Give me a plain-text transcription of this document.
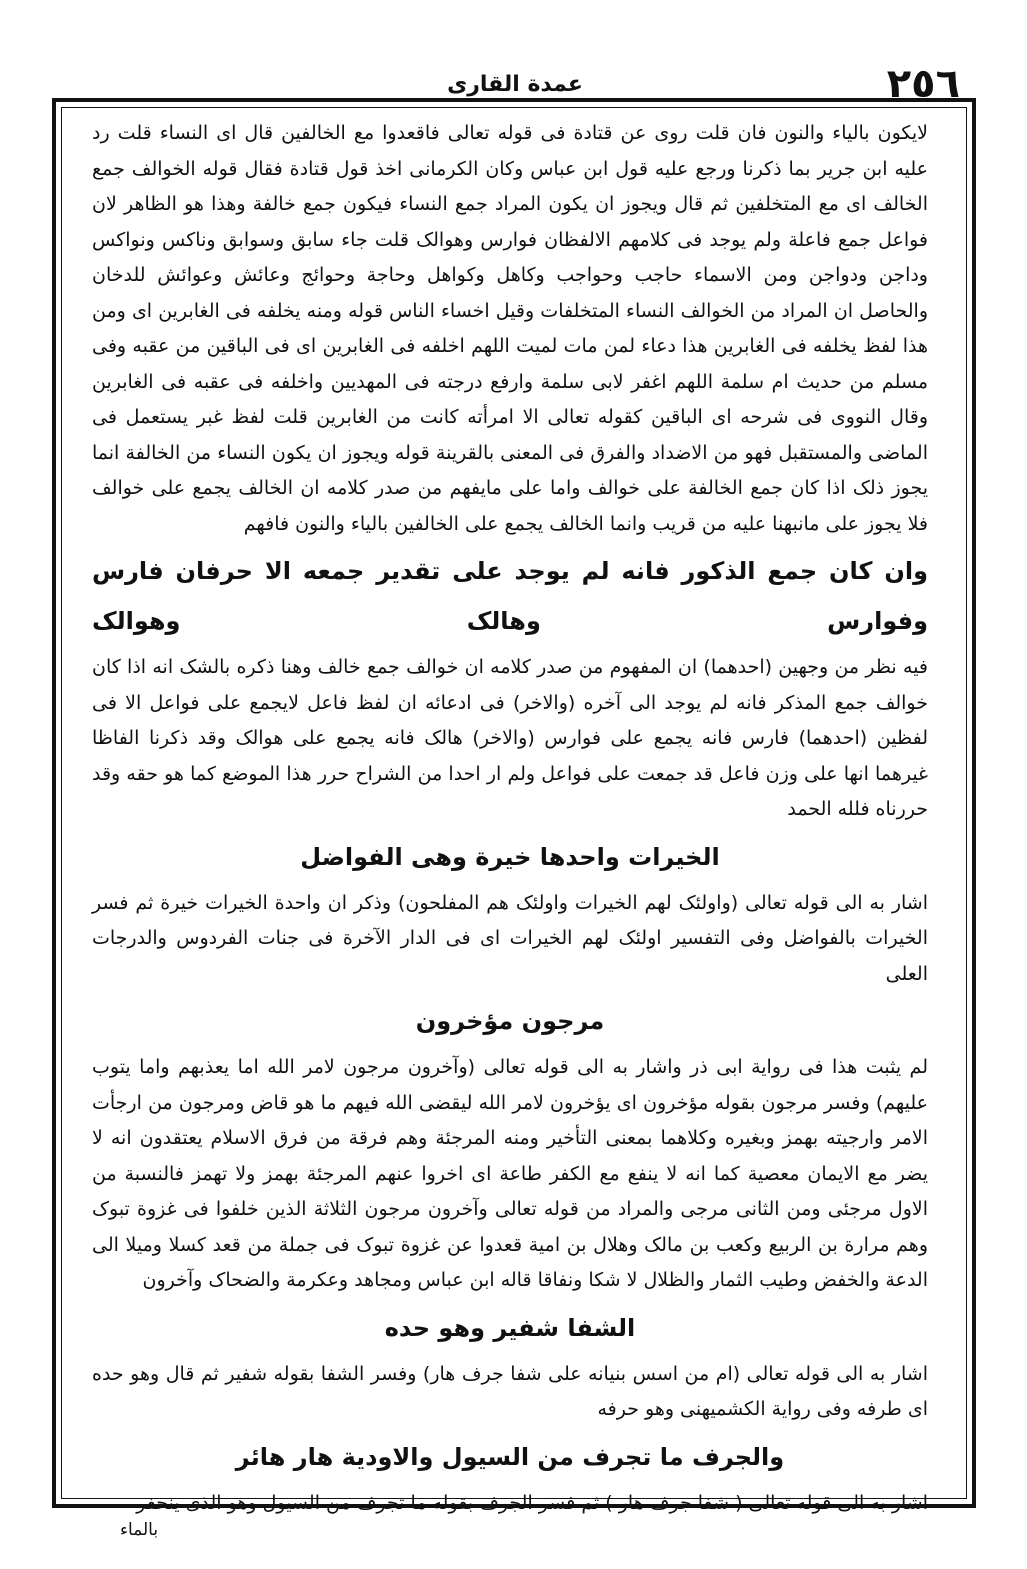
٢٥٦
عمدة القاری

لایکون بالیاء والنون فان قلت روی عن قتادة فی قوله تعالى فاقعدوا مع الخالفین قال ای النساء قلت رد علیه ابن جریر بما ذکرنا ورجع علیه قول ابن عباس وکان الکرمانی اخذ قول قتادة فقال قوله الخوالف جمع الخالف ای مع المتخلفین ثم قال ویجوز ان یکون المراد جمع النساء فیکون جمع خالفة وهذا هو الظاهر لان فواعل جمع فاعلة ولم یوجد فی کلامهم الالفظان فوارس وهوالک قلت جاء سابق وسوابق وناکس ونواکس وداجن ودواجن ومن الاسماء حاجب وحواجب وکاهل وکواهل وحاجة وحوائج وعائش وعوائش للدخان والحاصل ان المراد من الخوالف النساء المتخلفات وقیل اخساء الناس قوله ومنه یخلفه فی الغابرین ای ومن هذا لفظ یخلفه فی الغابرین هذا دعاء لمن مات لمیت اللهم اخلفه فی الغابرین ای فی الباقین من عقبه وفی مسلم من حدیث ام سلمة اللهم اغفر لابی سلمة وارفع درجته فی المهدیین واخلفه فی عقبه فی الغابرین وقال النووی فی شرحه ای الباقین کقوله تعالى الا امرأته کانت من الغابرین قلت لفظ غبر یستعمل فی الماضی والمستقبل فهو من الاضداد والفرق فی المعنى بالقرینة قوله ویجوز ان یکون النساء من الخالفة انما یجوز ذلک اذا کان جمع الخالفة علی خوالف واما علی مایفهم من صدر کلامه ان الخالف یجمع علی خوالف فلا یجوز علی مانبهنا علیه من قریب وانما الخالف یجمع علی الخالفین بالیاء والنون فافهم

وان کان جمع الذکور فانه لم یوجد علی تقدیر جمعه الا حرفان فارس وفوارس وهالک وهوالک

فیه نظر من وجهین (احدهما) ان المفهوم من صدر کلامه ان خوالف جمع خالف وهنا ذکره بالشک انه اذا کان خوالف جمع المذکر فانه لم یوجد الی آخره (والاخر) فی ادعائه ان لفظ فاعل لایجمع علی فواعل الا فی لفظین (احدهما) فارس فانه یجمع علی فوارس (والاخر) هالک فانه یجمع علی هوالک وقد ذکرنا الفاظا غیرهما انها علی وزن فاعل قد جمعت علی فواعل ولم ار احدا من الشراح حرر هذا الموضع کما هو حقه وقد حررناه فلله الحمد

الخیرات واحدها خیرة وهی الفواضل

اشار به الی قوله تعالى (واولئک لهم الخیرات واولئک هم المفلحون) وذکر ان واحدة الخیرات خیرة ثم فسر الخیرات بالفواضل وفی التفسیر اولئک لهم الخیرات ای فی الدار الآخرة فی جنات الفردوس والدرجات العلى

مرجون مؤخرون

لم یثبت هذا فی روایة ابی ذر واشار به الی قوله تعالى (وآخرون مرجون لامر الله اما یعذبهم واما یتوب علیهم) وفسر مرجون بقوله مؤخرون ای یؤخرون لامر الله لیقضی الله فیهم ما هو قاض ومرجون من ارجأت الامر وارجیته بهمز وبغیره وکلاهما بمعنى التأخیر ومنه المرجئة وهم فرقة من فرق الاسلام یعتقدون انه لا یضر مع الایمان معصیة کما انه لا ینفع مع الکفر طاعة ای اخروا عنهم المرجئة بهمز ولا تهمز فالنسبة من الاول مرجئی ومن الثانی مرجی والمراد من قوله تعالى وآخرون مرجون الثلاثة الذین خلفوا فی غزوة تبوک وهم مرارة بن الربیع وکعب بن مالک وهلال بن امیة قعدوا عن غزوة تبوک فی جملة من قعد کسلا ومیلا الی الدعة والخفض وطیب الثمار والظلال لا شکا ونفاقا قاله ابن عباس ومجاهد وعکرمة والضحاک وآخرون

الشفا شفیر وهو حده

اشار به الی قوله تعالى (ام من اسس بنیانه علی شفا جرف هار) وفسر الشفا بقوله شفیر ثم قال وهو حده ای طرفه وفی روایة الکشمیهنی وهو حرفه

والجرف ما تجرف من السیول والاودیة هار هائر

اشار به الی قوله تعالى ( شفا جرف هار ) ثم فسر الجرف بقوله ما تجرف من السیول وهو الذی ینحفر

بالماء
